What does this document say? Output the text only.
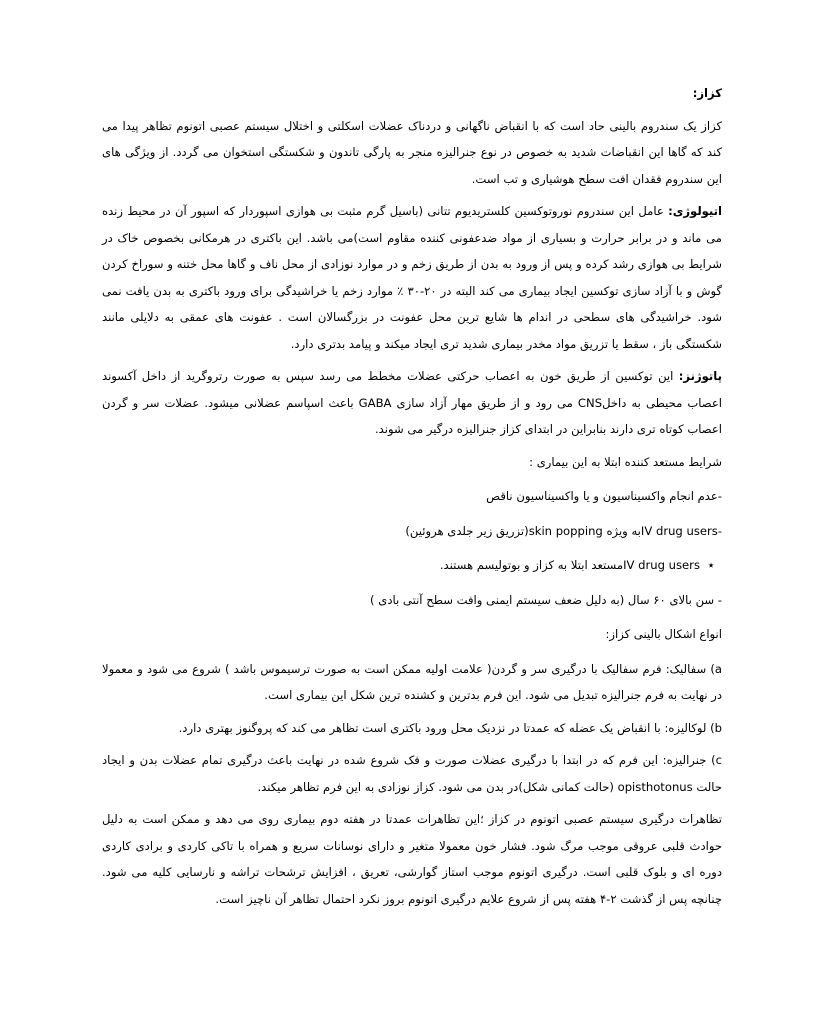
کزاز:
کزاز یک سندروم بالینی حاد است که با انقباض ناگهانی و دردناک عضلات اسکلتی و اختلال سیستم عصبی اتونوم تظاهر پیدا می کند که گاها این انقباضات شدید به خصوص در نوع جنرالیزه منجر به پارگی تاندون و شکستگی استخوان می گردد. از ویژگی های این سندروم فقدان افت سطح هوشیاری و تب است.
اتیولوژی: عامل این سندروم نوروتوکسین کلستریدیوم تتانی (باسیل گرم مثبت بی هوازی اسپوردار که اسپور آن در محیط زنده می ماند و در برابر حرارت و بسیاری از مواد ضدعفونی کننده مقاوم است)می باشد. این باکتری در هرمکانی بخصوص خاک در شرایط بی هوازی رشد کرده و پس از ورود به بدن از طریق زخم و در موارد نوزادی از محل ناف و گاها محل ختنه و سوراخ کردن گوش و با آزاد سازی توکسین ایجاد بیماری می کند البته در ۲۰-۳۰ ٪ موارد زخم یا خراشیدگی برای ورود باکتری به بدن یافت نمی شود. خراشیدگی های سطحی در اندام ها شایع ترین محل عفونت در بزرگسالان است . عفونت های عمقی به دلایلی مانند شکستگی باز ، سقط یا تزریق مواد مخدر بیماری شدید تری ایجاد میکند و پیامد بدتری دارد.
پاتوژنز: این توکسین از طریق خون به اعصاب حرکتی عضلات مخطط می رسد سپس به صورت رتروگرید از داخل آکسوند اعصاب محیطی به داخلCNS می رود و از طریق مهار آزاد سازی GABA باعث اسپاسم عضلانی میشود. عضلات سر و گردن اعصاب کوتاه تری دارند بنابراین در ابتدای کزاز جنرالیزه درگیر می شوند.
شرایط مستعد کننده ابتلا به این بیماری :
-عدم انجام واکسیناسیون و یا واکسیناسیون ناقص
-IV drug usersبه ویژه skin popping(تزریق زیر جلدی هروئین)
٭IV drug usersمستعد ابتلا به کزاز و بوتولیسم هستند.
- سن بالای ۶۰ سال (به دلیل ضعف سیستم ایمنی وافت سطح آنتی بادی )
انواع اشکال بالینی کزاز:
a) سفالیک: فرم سفالیک با درگیری سر و گردن( علامت اولیه ممکن است به صورت ترسیموس باشد ) شروع می شود و معمولا در نهایت به فرم جنرالیزه تبدیل می شود. این فرم بدترین و کشنده ترین شکل این بیماری است.
b) لوکالیزه: با انقباض یک عضله که عمدتا در نزدیک محل ورود باکتری است تظاهر می کند که پروگنوز بهتری دارد.
c) جنرالیزه: این فرم که در ابتدا با درگیری عضلات صورت و فک شروع شده در نهایت باعث درگیری تمام عضلات بدن و ایجاد حالت opisthotonus (حالت کمانی شکل)در بدن می شود. کزاز نوزادی به این فرم تظاهر میکند.
تظاهرات درگیری سیستم عصبی اتونوم در کزاز ؛این تظاهرات عمدتا در هفته دوم بیماری روی می دهد و ممکن است به دلیل حوادث قلبی عروقی موجب مرگ شود. فشار خون معمولا متغیر و دارای نوسانات سریع و همراه با تاکی کاردی و برادی کاردی دوره ای و بلوک قلبی است. درگیری اتونوم موجب استاز گوارشی، تعریق ، افزایش ترشحات تراشه و نارسایی کلیه می شود. چنانچه پس از گذشت ۲-۴ هفته پس از شروع علایم درگیری اتونوم بروز نکرد احتمال تظاهر آن ناچیز است.
